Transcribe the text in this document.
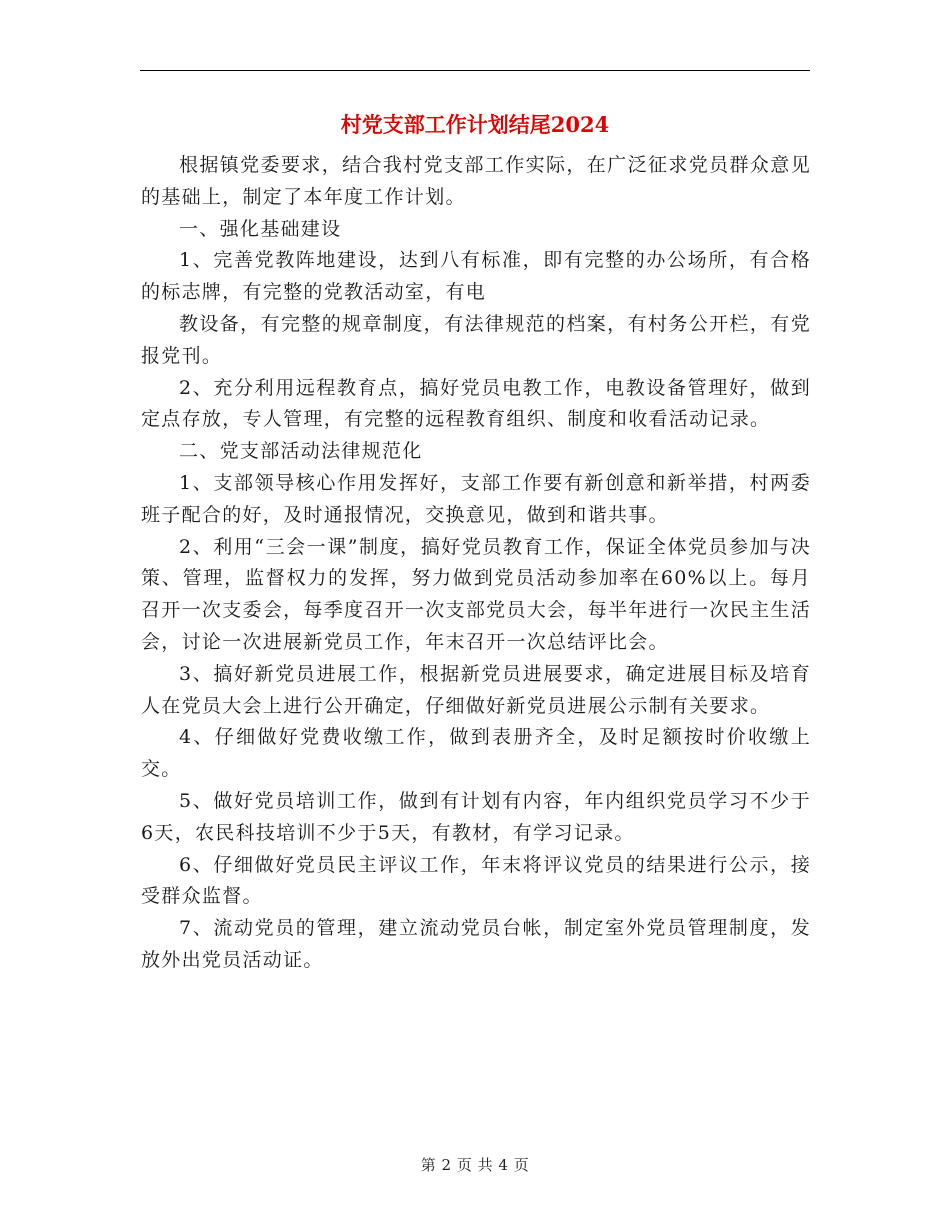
村党支部工作计划结尾2024

根据镇党委要求，结合我村党支部工作实际，在广泛征求党员群众意见的基础上，制定了本年度工作计划。

一、强化基础建设

1、完善党教阵地建设，达到八有标准，即有完整的办公场所，有合格的标志牌，有完整的党教活动室，有电

教设备，有完整的规章制度，有法律规范的档案，有村务公开栏，有党报党刊。

2、充分利用远程教育点，搞好党员电教工作，电教设备管理好，做到定点存放，专人管理，有完整的远程教育组织、制度和收看活动记录。

二、党支部活动法律规范化

1、支部领导核心作用发挥好，支部工作要有新创意和新举措，村两委班子配合的好，及时通报情况，交换意见，做到和谐共事。

2、利用“三会一课”制度，搞好党员教育工作，保证全体党员参加与决策、管理，监督权力的发挥，努力做到党员活动参加率在60%以上。每月召开一次支委会，每季度召开一次支部党员大会，每半年进行一次民主生活会，讨论一次进展新党员工作，年末召开一次总结评比会。

3、搞好新党员进展工作，根据新党员进展要求，确定进展目标及培育人在党员大会上进行公开确定，仔细做好新党员进展公示制有关要求。

4、仔细做好党费收缴工作，做到表册齐全，及时足额按时价收缴上交。

5、做好党员培训工作，做到有计划有内容，年内组织党员学习不少于6天，农民科技培训不少于5天，有教材，有学习记录。

6、仔细做好党员民主评议工作，年末将评议党员的结果进行公示，接受群众监督。

7、流动党员的管理，建立流动党员台帐，制定室外党员管理制度，发放外出党员活动证。

第 2 页 共 4 页
